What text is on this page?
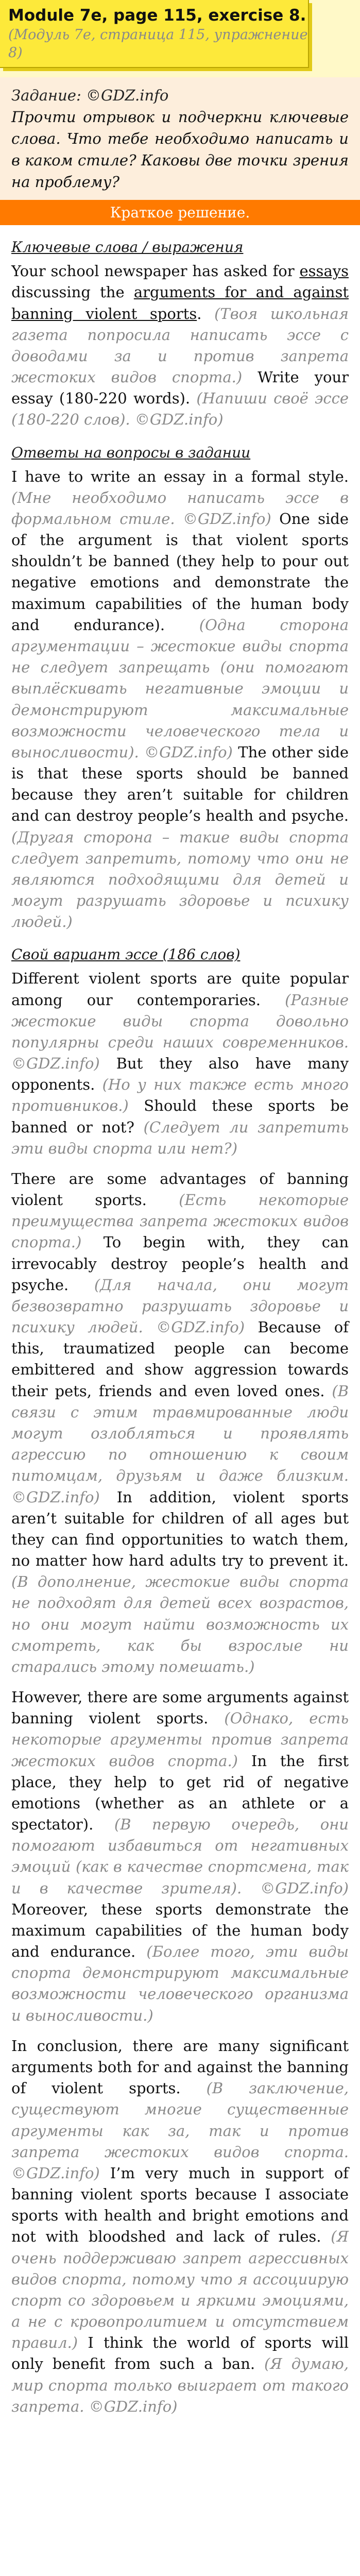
Module 7e, page 115, exercise 8.

(Модуль 7e, страница 115, упражнение 8)

Задание: ©GDZ.info
Прочти отрывок и подчеркни ключевые слова. Что тебе необходимо написать и в каком стиле? Каковы две точки зрения на проблему?
Краткое решение.
Ключевые слова / выражения

Your school newspaper has asked for essays discussing the arguments for and against banning violent sports. (Твоя школьная газета попросила написать эссе с доводами за и против запрета жестоких видов спорта.) Write your essay (180-220 words). (Напиши своё эссе (180-220 слов). ©GDZ.info)

Ответы на вопросы в задании

I have to write an essay in a formal style. (Мне необходимо написать эссе в формальном стиле. ©GDZ.info) One side of the argument is that violent sports shouldn’t be banned (they help to pour out negative emotions and demonstrate the maximum capabilities of the human body and endurance). (Одна сторона аргументации – жестокие виды спорта не следует запрещать (они помогают выплёскивать негативные эмоции и демонстрируют максимальные возможности человеческого тела и выносливости). ©GDZ.info) The other side is that these sports should be banned because they aren’t suitable for children and can destroy people’s health and psyche. (Другая сторона – такие виды спорта следует запретить, потому что они не являются подходящими для детей и могут разрушать здоровье и психику людей.)

Свой вариант эссе (186 слов)

Different violent sports are quite popular among our contemporaries. (Разные жестокие виды спорта довольно популярны среди наших современников. ©GDZ.info) But they also have many opponents. (Но у них также есть много противников.) Should these sports be banned or not? (Следует ли запретить эти виды спорта или нет?)

There are some advantages of banning violent sports. (Есть некоторые преимущества запрета жестоких видов спорта.) To begin with, they can irrevocably destroy people’s health and psyche. (Для начала, они могут безвозвратно разрушать здоровье и психику людей. ©GDZ.info) Because of this, traumatized people can become embittered and show aggression towards their pets, friends and even loved ones. (В связи с этим травмированные люди могут озлобляться и проявлять агрессию по отношению к своим питомцам, друзьям и даже близким. ©GDZ.info) In addition, violent sports aren’t suitable for children of all ages but they can find opportunities to watch them, no matter how hard adults try to prevent it. (В дополнение, жестокие виды спорта не подходят для детей всех возрастов, но они могут найти возможность их смотреть, как бы взрослые ни старались этому помешать.)

However, there are some arguments against banning violent sports. (Однако, есть некоторые аргументы против запрета жестоких видов спорта.) In the first place, they help to get rid of negative emotions (whether as an athlete or a spectator). (В первую очередь, они помогают избавиться от негативных эмоций (как в качестве спортсмена, так и в качестве зрителя). ©GDZ.info) Moreover, these sports demonstrate the maximum capabilities of the human body and endurance. (Более того, эти виды спорта демонстрируют максимальные возможности человеческого организма и выносливости.)

In conclusion, there are many significant arguments both for and against the banning of violent sports. (В заключение, существуют многие существенные аргументы как за, так и против запрета жестоких видов спорта. ©GDZ.info) I’m very much in support of banning violent sports because I associate sports with health and bright emotions and not with bloodshed and lack of rules. (Я очень поддерживаю запрет агрессивных видов спорта, потому что я ассоциирую спорт со здоровьем и яркими эмоциями, а не с кровопролитием и отсутствием правил.) I think the world of sports will only benefit from such a ban. (Я думаю, мир спорта только выиграет от такого запрета. ©GDZ.info)
